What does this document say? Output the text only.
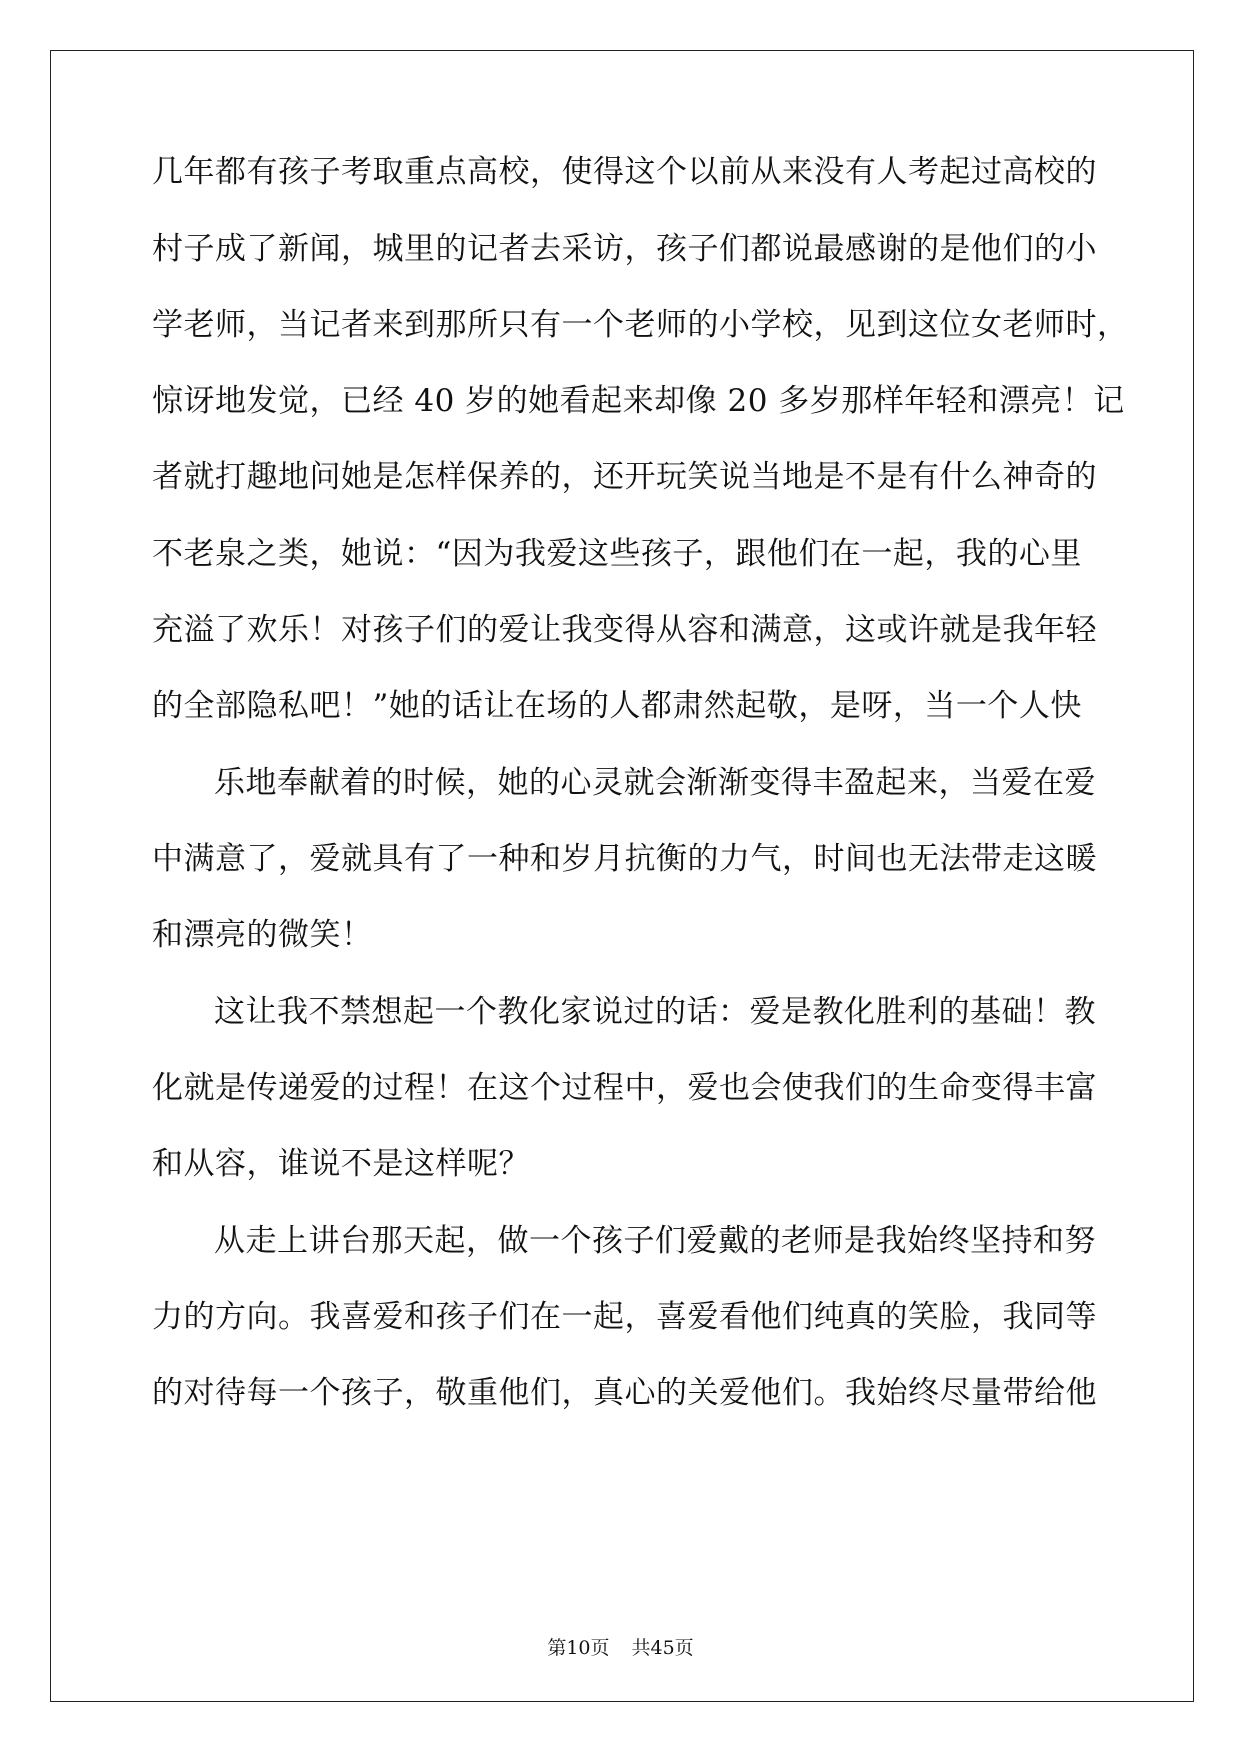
几年都有孩子考取重点高校，使得这个以前从来没有人考起过高校的
村子成了新闻，城里的记者去采访，孩子们都说最感谢的是他们的小
学老师，当记者来到那所只有一个老师的小学校，见到这位女老师时，
惊讶地发觉，已经 40 岁的她看起来却像 20 多岁那样年轻和漂亮！记
者就打趣地问她是怎样保养的，还开玩笑说当地是不是有什么神奇的
不老泉之类，她说：“因为我爱这些孩子，跟他们在一起，我的心里
充溢了欢乐！对孩子们的爱让我变得从容和满意，这或许就是我年轻
的全部隐私吧！”她的话让在场的人都肃然起敬，是呀，当一个人快
乐地奉献着的时候，她的心灵就会渐渐变得丰盈起来，当爱在爱
中满意了，爱就具有了一种和岁月抗衡的力气，时间也无法带走这暖
和漂亮的微笑！
这让我不禁想起一个教化家说过的话：爱是教化胜利的基础！教
化就是传递爱的过程！在这个过程中，爱也会使我们的生命变得丰富
和从容，谁说不是这样呢？
从走上讲台那天起，做一个孩子们爱戴的老师是我始终坚持和努
力的方向。我喜爱和孩子们在一起，喜爱看他们纯真的笑脸，我同等
的对待每一个孩子，敬重他们，真心的关爱他们。我始终尽量带给他
第10页 共45页
